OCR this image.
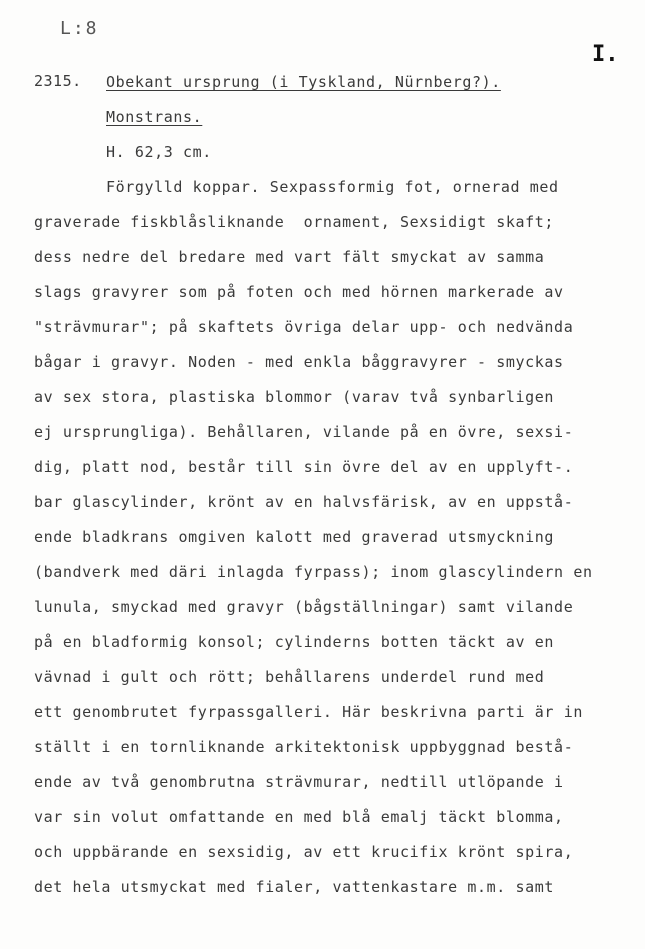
L:8
I.
2315. Obekant ursprung (i Tyskland, Nürnberg?).
Monstrans.
H. 62,3 cm.
Förgylld koppar. Sexpassformig fot, ornerad med
graverade fiskblåsliknande  ornament, Sexsidigt skaft;
dess nedre del bredare med vart fält smyckat av samma
slags gravyrer som på foten och med hörnen markerade av
"strävmurar"; på skaftets övriga delar upp- och nedvända
bågar i gravyr. Noden - med enkla båggravyrer - smyckas
av sex stora, plastiska blommor (varav två synbarligen
ej ursprungliga). Behållaren, vilande på en övre, sexsi-
dig, platt nod, består till sin övre del av en upplyft-.
bar glascylinder, krönt av en halvsfärisk, av en uppstå-
ende bladkrans omgiven kalott med graverad utsmyckning
(bandverk med däri inlagda fyrpass); inom glascylindern en
lunula, smyckad med gravyr (bågställningar) samt vilande
på en bladformig konsol; cylinderns botten täckt av en
vävnad i gult och rött; behållarens underdel rund med
ett genombrutet fyrpassgalleri. Här beskrivna parti är in
ställt i en tornliknande arkitektonisk uppbyggnad bestå-
ende av två genombrutna strävmurar, nedtill utlöpande i
var sin volut omfattande en med blå emalj täckt blomma,
och uppbärande en sexsidig, av ett krucifix krönt spira,
det hela utsmyckat med fialer, vattenkastare m.m. samt
